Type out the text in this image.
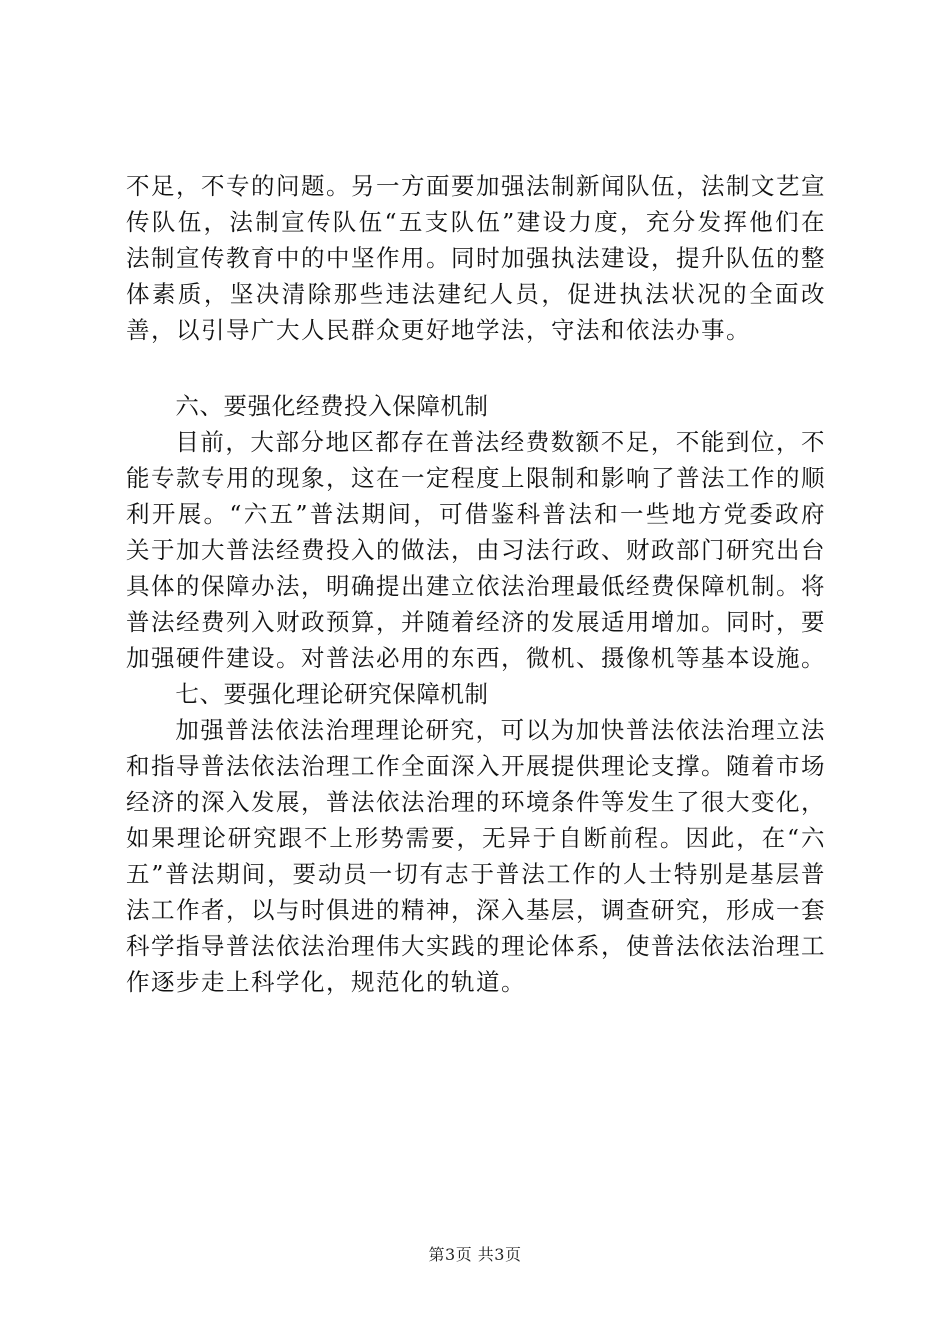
不足，不专的问题。另一方面要加强法制新闻队伍，法制文艺宣传队伍，法制宣传队伍“五支队伍”建设力度，充分发挥他们在法制宣传教育中的中坚作用。同时加强执法建设，提升队伍的整体素质，坚决清除那些违法建纪人员，促进执法状况的全面改善，以引导广大人民群众更好地学法，守法和依法办事。

六、要强化经费投入保障机制

目前，大部分地区都存在普法经费数额不足，不能到位，不能专款专用的现象，这在一定程度上限制和影响了普法工作的顺利开展。“六五”普法期间，可借鉴科普法和一些地方党委政府关于加大普法经费投入的做法，由习法行政、财政部门研究出台具体的保障办法，明确提出建立依法治理最低经费保障机制。将普法经费列入财政预算，并随着经济的发展适用增加。同时，要加强硬件建设。对普法必用的东西，微机、摄像机等基本设施。

七、要强化理论研究保障机制

加强普法依法治理理论研究，可以为加快普法依法治理立法和指导普法依法治理工作全面深入开展提供理论支撑。随着市场经济的深入发展，普法依法治理的环境条件等发生了很大变化，如果理论研究跟不上形势需要，无异于自断前程。因此，在“六五”普法期间，要动员一切有志于普法工作的人士特别是基层普法工作者，以与时俱进的精神，深入基层，调查研究，形成一套科学指导普法依法治理伟大实践的理论体系，使普法依法治理工作逐步走上科学化，规范化的轨道。

第3页 共3页
